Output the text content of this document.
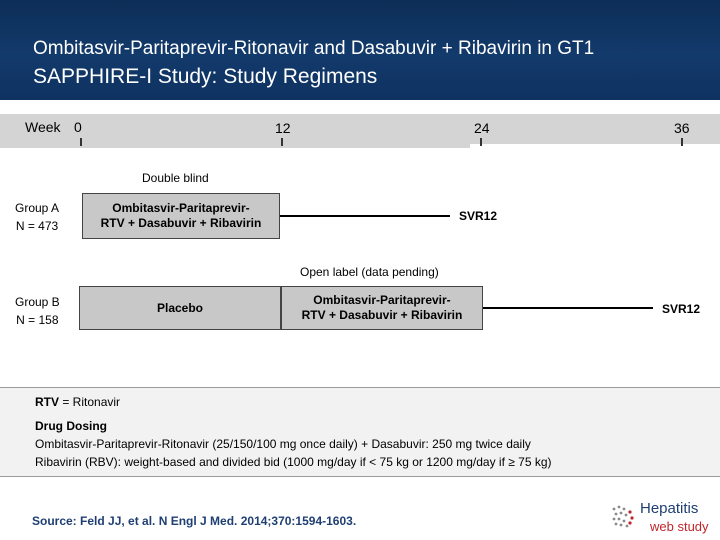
Ombitasvir-Paritaprevir-Ritonavir and Dasabuvir + Ribavirin in GT1
SAPPHIRE-I Study: Study Regimens
Week 0	12	24	36
Double blind
Group A
N = 473
Ombitasvir-Paritaprevir-
RTV + Dasabuvir + Ribavirin	SVR12
Open label (data pending)
Group B
N = 158
Placebo
Ombitasvir-Paritaprevir-
RTV + Dasabuvir + Ribavirin	SVR12
RTV = Ritonavir
Drug Dosing
Ombitasvir-Paritaprevir-Ritonavir (25/150/100 mg once daily) + Dasabuvir: 250 mg twice daily
Ribavirin (RBV): weight-based and divided bid (1000 mg/day if < 75 kg or 1200 mg/day if ≥ 75 kg)
Source: Feld JJ, et al. N Engl J Med. 2014;370:1594-1603.
Hepatitis
web study
